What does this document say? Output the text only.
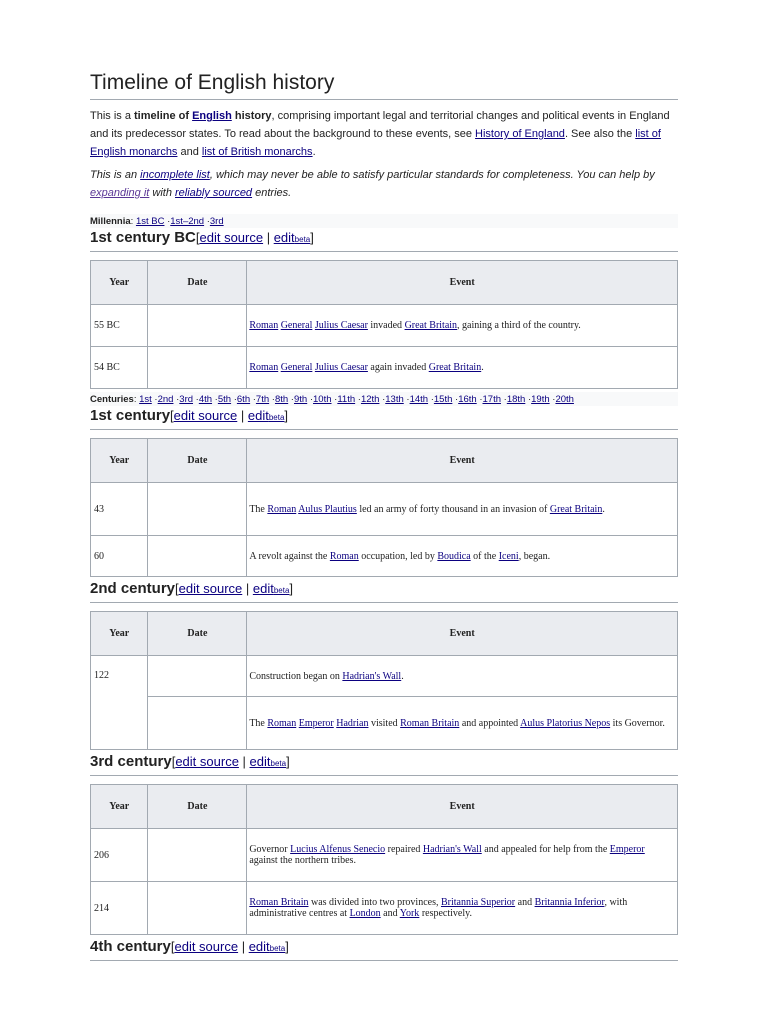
Timeline of English history

This is a timeline of English history, comprising important legal and territorial changes and political events in England and its predecessor states. To read about the background to these events, see History of England. See also the list of English monarchs and list of British monarchs.

This is an incomplete list, which may never be able to satisfy particular standards for completeness. You can help by expanding it with reliably sourced entries.

Millennia: 1st BC ·1st–2nd ·3rd
1st century BC[edit source | editbeta]
Year	Date	Event
55 BC		Roman General Julius Caesar invaded Great Britain, gaining a third of the country.
54 BC		Roman General Julius Caesar again invaded Great Britain.
Centuries: 1st ·2nd ·3rd ·4th ·5th ·6th ·7th ·8th ·9th ·10th ·11th ·12th ·13th ·14th ·15th ·16th ·17th ·18th ·19th ·20th
1st century[edit source | editbeta]
Year	Date	Event
43		The Roman Aulus Plautius led an army of forty thousand in an invasion of Great Britain.
60		A revolt against the Roman occupation, led by Boudica of the Iceni, began.
2nd century[edit source | editbeta]
Year	Date	Event
122		Construction began on Hadrian's Wall.
		The Roman Emperor Hadrian visited Roman Britain and appointed Aulus Platorius Nepos its Governor.
3rd century[edit source | editbeta]
Year	Date	Event
206		Governor Lucius Alfenus Senecio repaired Hadrian's Wall and appealed for help from the Emperor against the northern tribes.
214		Roman Britain was divided into two provinces, Britannia Superior and Britannia Inferior, with administrative centres at London and York respectively.
4th century[edit source | editbeta]
